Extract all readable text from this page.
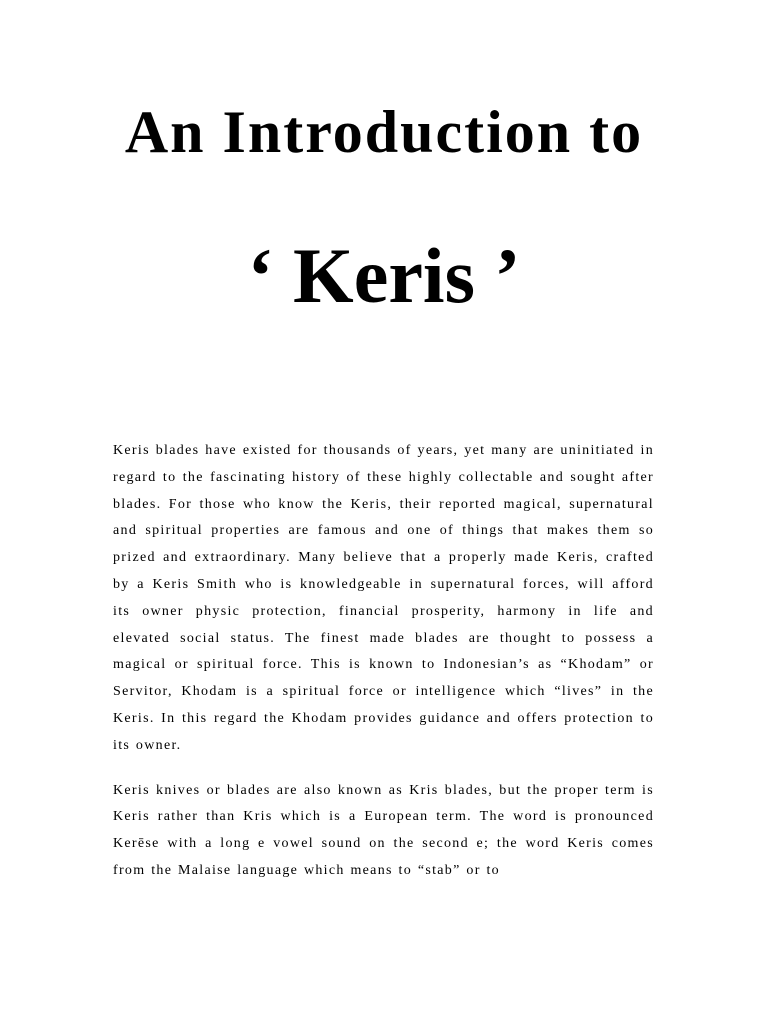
An Introduction to
‘ Keris ’

Keris blades have existed for thousands of years, yet many are uninitiated in regard to the fascinating history of these highly collectable and sought after blades. For those who know the Keris, their reported magical, supernatural and spiritual properties are famous and one of things that makes them so prized and extraordinary. Many believe that a properly made Keris, crafted by a Keris Smith who is knowledgeable in supernatural forces, will afford its owner physic protection, financial prosperity, harmony in life and elevated social status. The finest made blades are thought to possess a magical or spiritual force. This is known to Indonesian’s as “Khodam” or Servitor, Khodam is a spiritual force or intelligence which “lives” in the Keris. In this regard the Khodam provides guidance and offers protection to its owner.

Keris knives or blades are also known as Kris blades, but the proper term is Keris rather than Kris which is a European term. The word is pronounced Kerēse with a long e vowel sound on the second e; the word Keris comes from the Malaise language which means to “stab” or to
